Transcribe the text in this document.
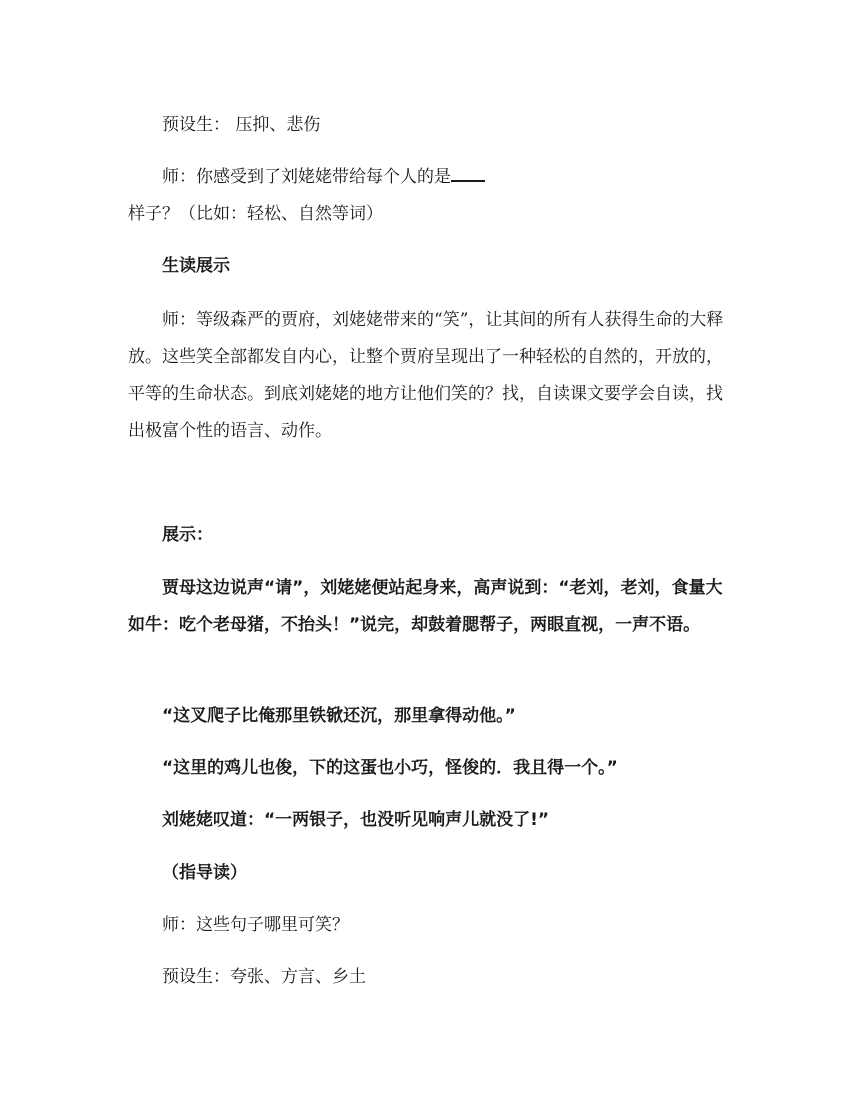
预设生： 压抑、悲伤

师：你感受到了刘姥姥带给每个人的是样子？（比如：轻松、自然等词）

生读展示

师：等级森严的贾府，刘姥姥带来的“笑”，让其间的所有人获得生命的大释放。这些笑全部都发自内心，让整个贾府呈现出了一种轻松的自然的，开放的，平等的生命状态。到底刘姥姥的地方让他们笑的？找，自读课文要学会自读，找出极富个性的语言、动作。

展示：

贾母这边说声“请”，刘姥姥便站起身来，高声说到：“老刘，老刘，食量大如牛：吃个老母猪，不抬头！”说完，却鼓着腮帮子，两眼直视，一声不语。

“这叉爬子比俺那里铁锨还沉，那里拿得动他。”

“这里的鸡儿也俊，下的这蛋也小巧，怪俊的．我且得一个。”

刘姥姥叹道：“一两银子，也没听见响声儿就没了!”

（指导读）

师：这些句子哪里可笑？

预设生：夸张、方言、乡土
